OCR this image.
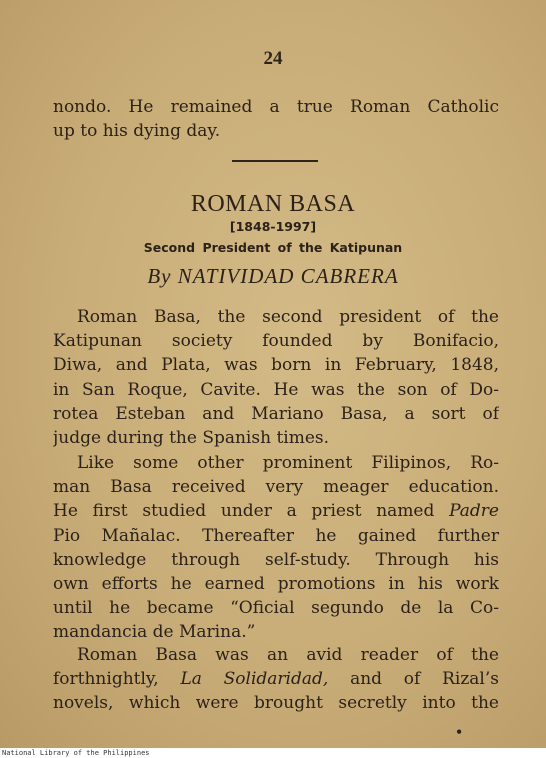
24
nondo. He remained a true Roman Catholic
up to his dying day.
ROMAN BASA
[1848-1997]
Second President of the Katipunan
By NATIVIDAD CABRERA
Roman Basa, the second president of the
Katipunan society founded by Bonifacio,
Diwa, and Plata, was born in February, 1848,
in San Roque, Cavite. He was the son of Do-
rotea Esteban and Mariano Basa, a sort of
judge during the Spanish times.
Like some other prominent Filipinos, Ro-
man Basa received very meager education.
He first studied under a priest named Padre
Pio Mañalac. Thereafter he gained further
knowledge through self-study. Through his
own efforts he earned promotions in his work
until he became “Oficial segundo de la Co-
mandancia de Marina.”
Roman Basa was an avid reader of the
forthnightly, La Solidaridad, and of Rizal’s
novels, which were brought secretly into the
●
National Library of the Philippines
